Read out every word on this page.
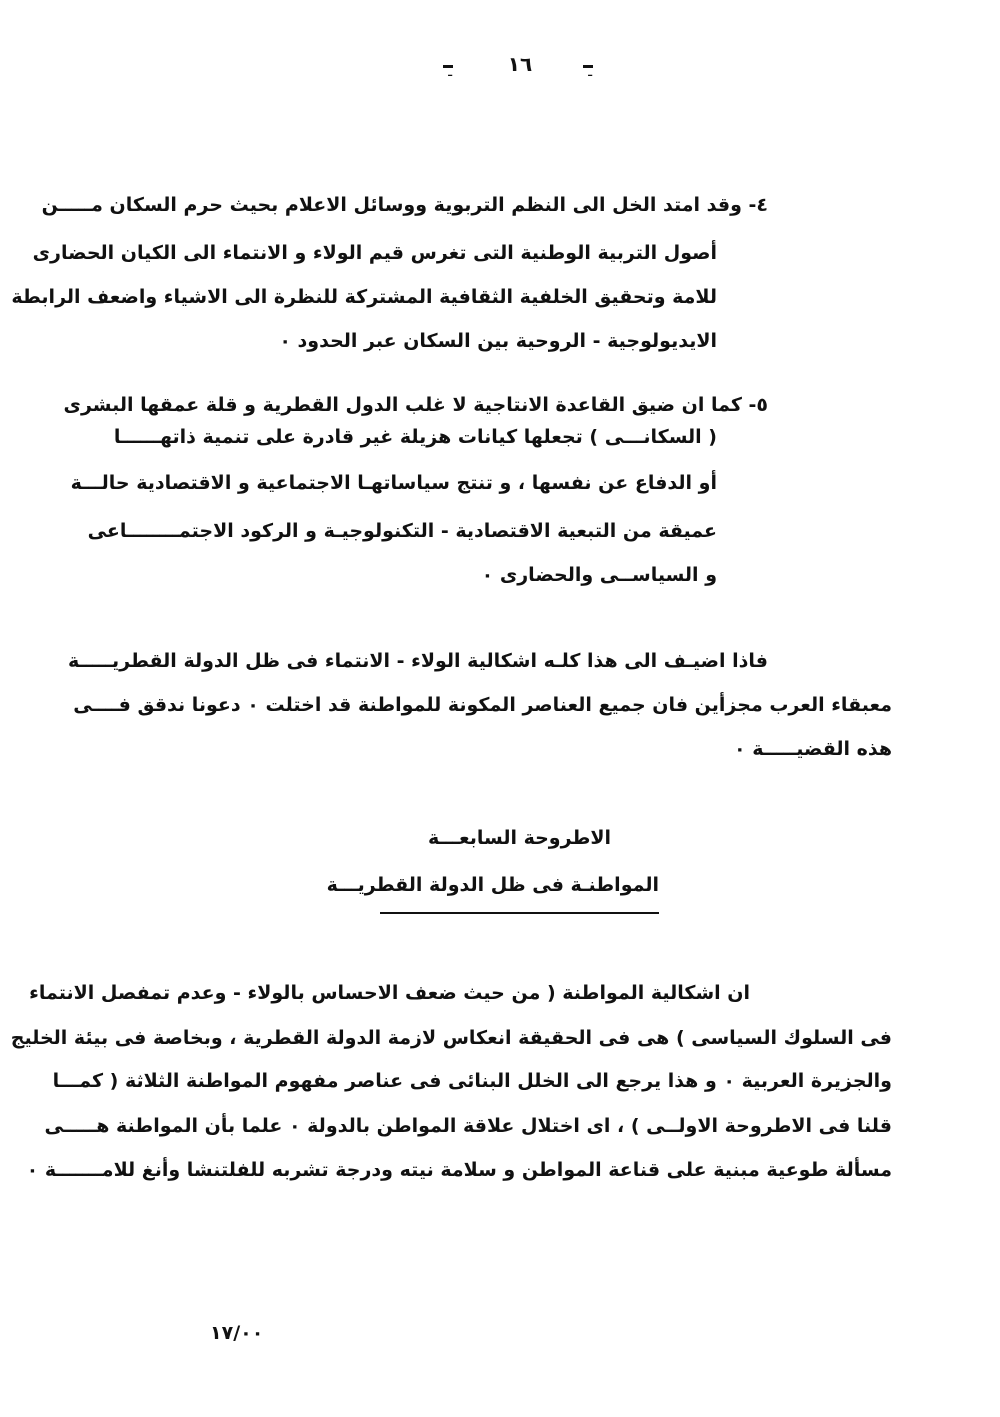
-	١٦	-
٤- وقد امتد الخل الى النظم التربوية ووسائل الاعلام بحيث حرم السكان مـــــن
أصول التربية الوطنية التى تغرس قيم الولاء و الانتماء الى الكيان الحضارى
للامة وتحقيق الخلفية الثقافية المشتركة للنظرة الى الاشياء واضعف الرابطة
الايديولوجية - الروحية بين السكان عبر الحدود ٠
٥- كما ان ضيق القاعدة الانتاجية لا غلب الدول القطرية و قلة عمقها البشرى
( السكانـــى ) تجعلها كيانات هزيلة غير قادرة على تنمية ذاتهــــــا
أو الدفاع عن نفسها ، و تنتج سياساتهـا الاجتماعية و الاقتصادية حالـــة
عميقة من التبعية الاقتصادية - التكنولوجيـة و الركود الاجتمــــــــاعى
و السياســى والحضارى ٠
فاذا اضيـف الى هذا كلـه اشكالية الولاء - الانتماء فى ظل الدولة القطريـــــة
معبقاء العرب مجزأين فان جميع العناصر المكونة للمواطنة قد اختلت ٠ دعونا ندقق فــــى
هذه القضيـــــة ٠
الاطروحة السابعـــة
المواطنـة فى ظل الدولة القطريـــة
ان اشكالية المواطنة ( من حيث ضعف الاحساس بالولاء - وعدم تمفصل الانتماء
فى السلوك السياسى ) هى فى الحقيقة انعكاس لازمة الدولة القطرية ، وبخاصة فى بيئة الخليج
والجزيرة العربية ٠ و هذا يرجع الى الخلل البنائى فى عناصر مفهوم المواطنة الثلاثة ( كمـــا
قلنا فى الاطروحة الاولــى ) ، اى اختلال علاقة المواطن بالدولة ٠ علما بأن المواطنة هـــــى
مسألة طوعية مبنية على قناعة المواطن و سلامة نيته ودرجة تشربه للفلتنشا وأنغ للامـــــــة ٠
١٧/٠٠
